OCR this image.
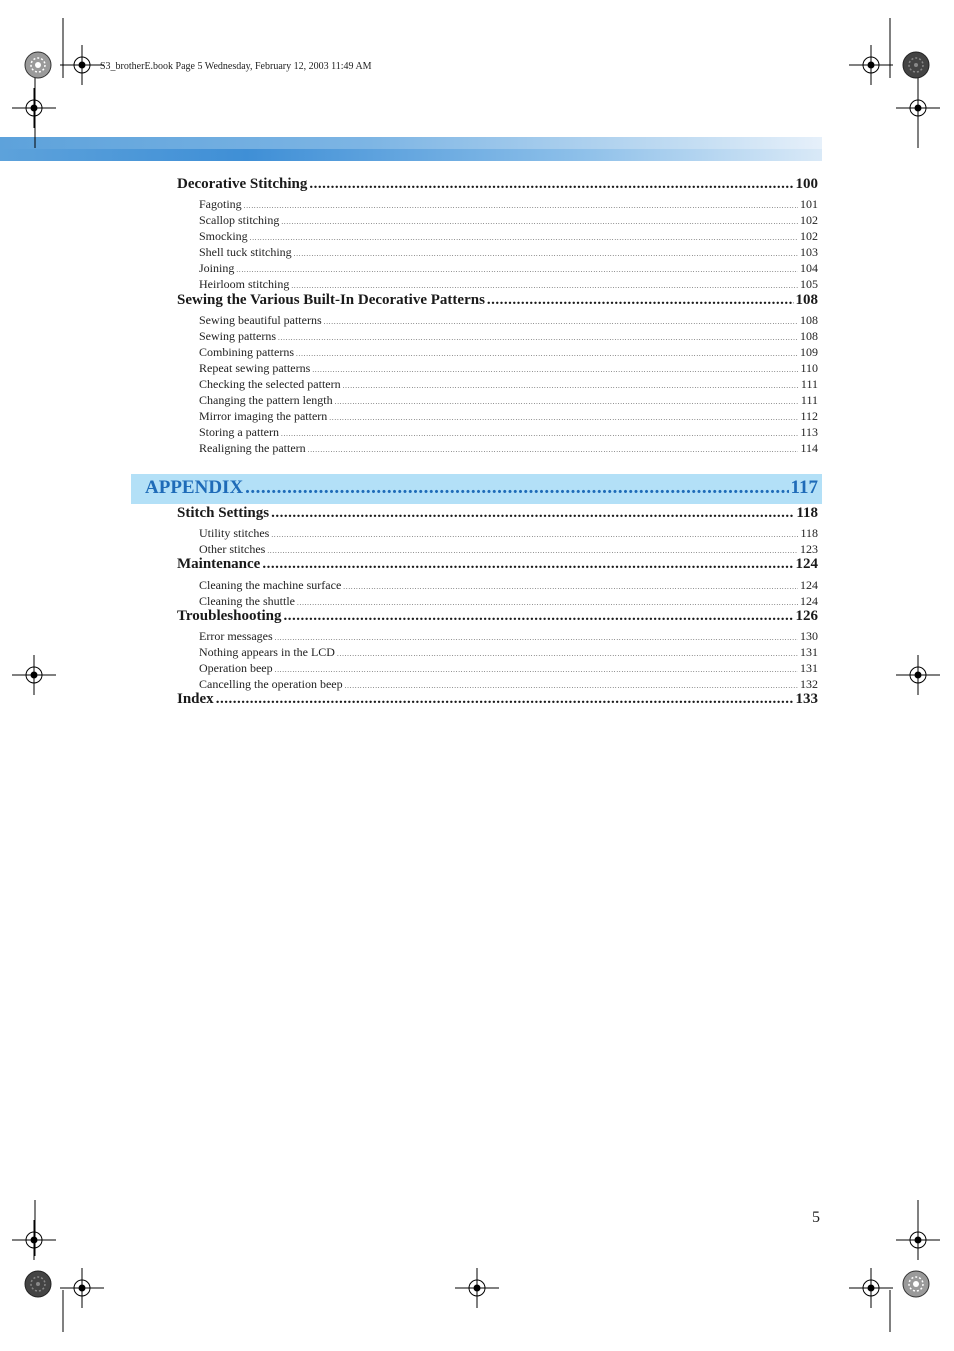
S3_brotherE.book Page 5 Wednesday, February 12, 2003 11:49 AM
Decorative Stitching .....	100
Fagoting .....	101
Scallop stitching .....	102
Smocking .....	102
Shell tuck stitching .....	103
Joining .....	104
Heirloom stitching .....	105
Sewing the Various Built-In Decorative Patterns .....	108
Sewing beautiful patterns .....	108
Sewing patterns .....	108
Combining patterns .....	109
Repeat sewing patterns .....	110
Checking the selected pattern .....	111
Changing the pattern length .....	111
Mirror imaging the pattern .....	112
Storing a pattern .....	113
Realigning the pattern .....	114
APPENDIX .....	117
Stitch Settings .....	118
Utility stitches .....	118
Other stitches .....	123
Maintenance .....	124
Cleaning the machine surface .....	124
Cleaning the shuttle .....	124
Troubleshooting .....	126
Error messages .....	130
Nothing appears in the LCD .....	131
Operation beep .....	131
Cancelling the operation beep .....	132
Index .....	133
5
